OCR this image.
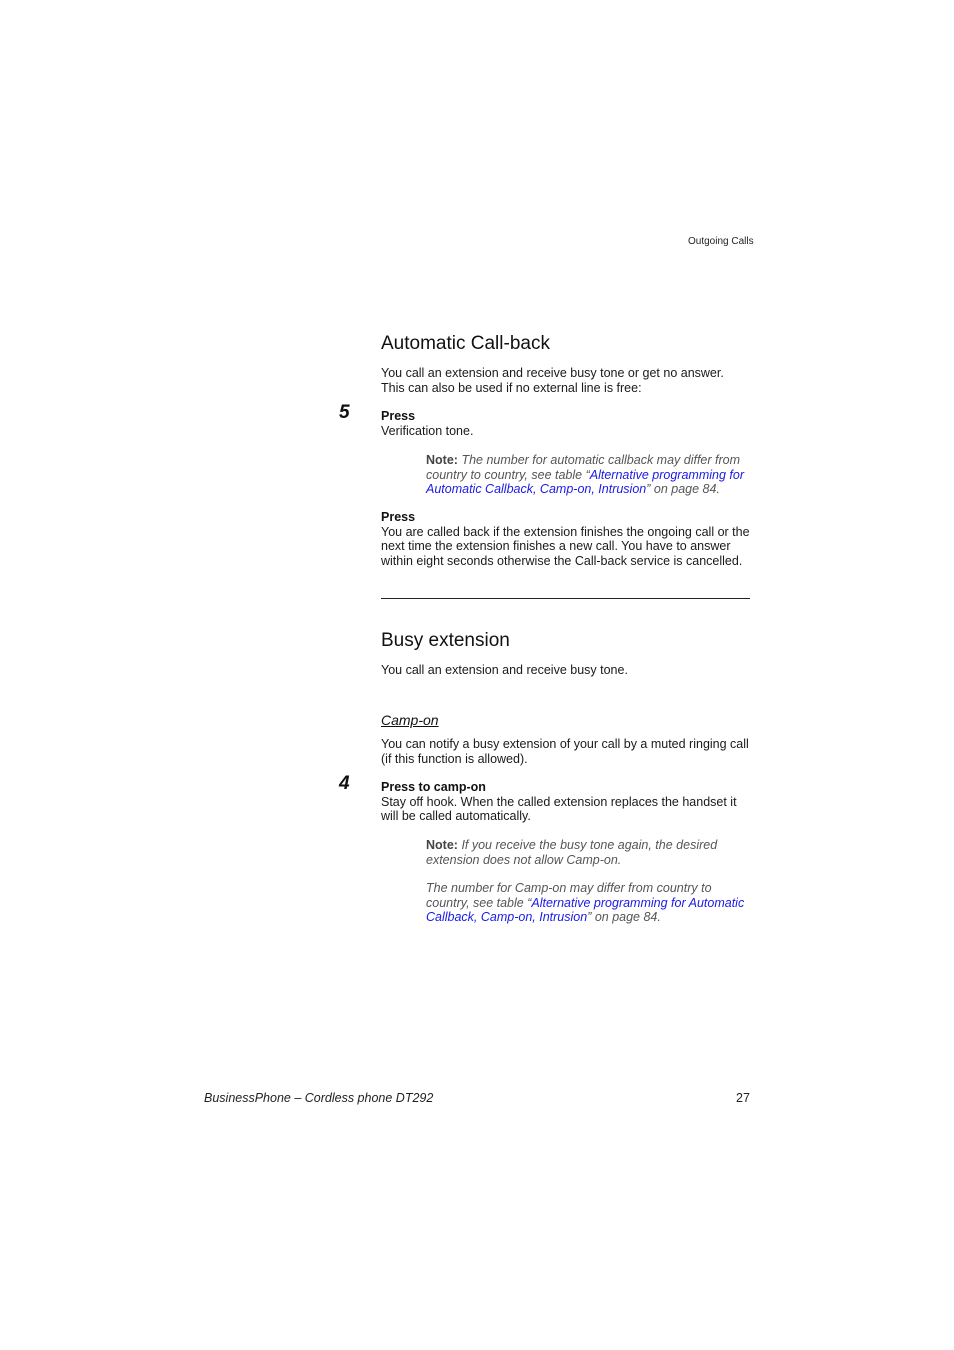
Outgoing Calls
Automatic Call-back
You call an extension and receive busy tone or get no answer.
This can also be used if no external line is free:
5	Press
Verification tone.
Note: The number for automatic callback may differ from
country to country, see table “Alternative programming for
Automatic Callback, Camp-on, Intrusion” on page 84.
Press
You are called back if the extension finishes the ongoing call or the
next time the extension finishes a new call. You have to answer
within eight seconds otherwise the Call-back service is cancelled.
Busy extension
You call an extension and receive busy tone.
Camp-on
You can notify a busy extension of your call by a muted ringing call
(if this function is allowed).
4	Press to camp-on
Stay off hook. When the called extension replaces the handset it
will be called automatically.
Note: If you receive the busy tone again, the desired
extension does not allow Camp-on.
The number for Camp-on may differ from country to
country, see table “Alternative programming for Automatic
Callback, Camp-on, Intrusion” on page 84.
BusinessPhone – Cordless phone DT292	27
